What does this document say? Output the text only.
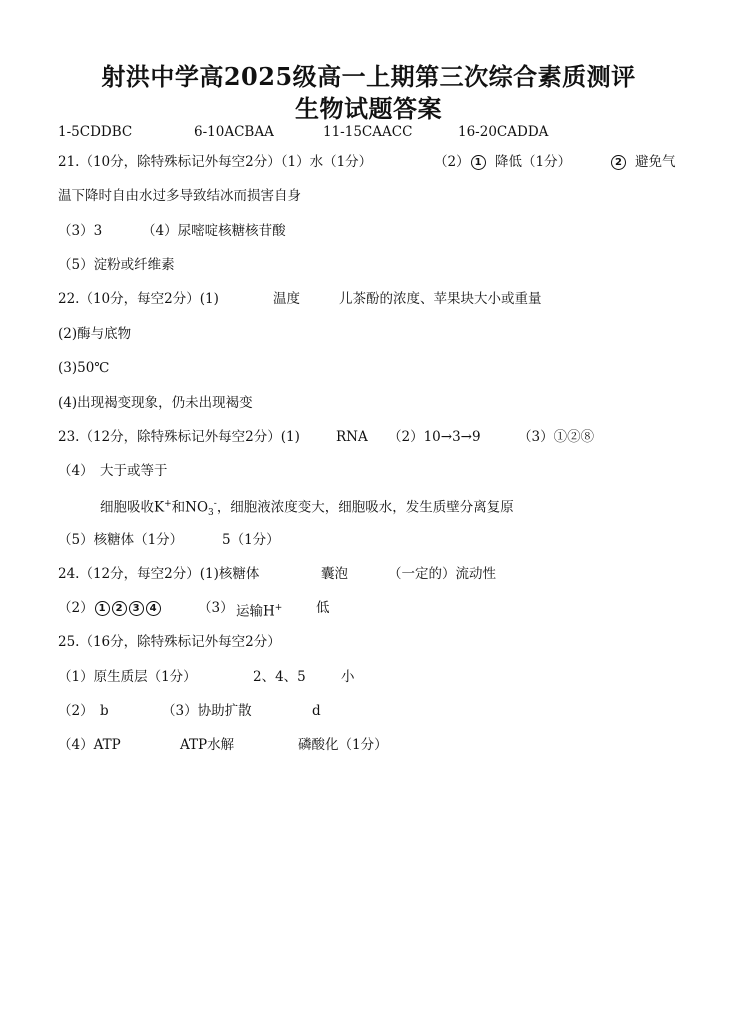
射洪中学高2025级高一上期第三次综合素质测评
生物试题答案
1-5CDDBC	6-10ACBAA	11-15CAACC	16-20CADDA
21.（10分，除特殊标记外每空2分）（1）水（1分）	（2） 1 降低（1分）	2 避免气
温下降时自由水过多导致结冰而损害自身
（3）3	（4）尿嘧啶核糖核苷酸
（5）淀粉或纤维素
22.（10分，每空2分）(1)	温度	儿茶酚的浓度、苹果块大小或重量
(2)酶与底物
(3)50℃
(4)出现褐变现象，仍未出现褐变
23.（12分，除特殊标记外每空2分）(1)	RNA （2）10→3→9	（3）①②⑧
（4） 大于或等于
细胞吸收K+和$NO_3^-$，细胞液浓度变大，细胞吸水，发生质壁分离复原
（5）核糖体（1分）	5（1分）
24.（12分，每空2分）(1)核糖体	囊泡	（一定的）流动性
（2） 1 2 3 4	（3） 运输H+ 低
25.（16分，除特殊标记外每空2分）
（1）原生质层（1分）	2、4、5	小
（2） b	（3）协助扩散	d
（4）ATP	ATP水解	磷酸化（1分）
